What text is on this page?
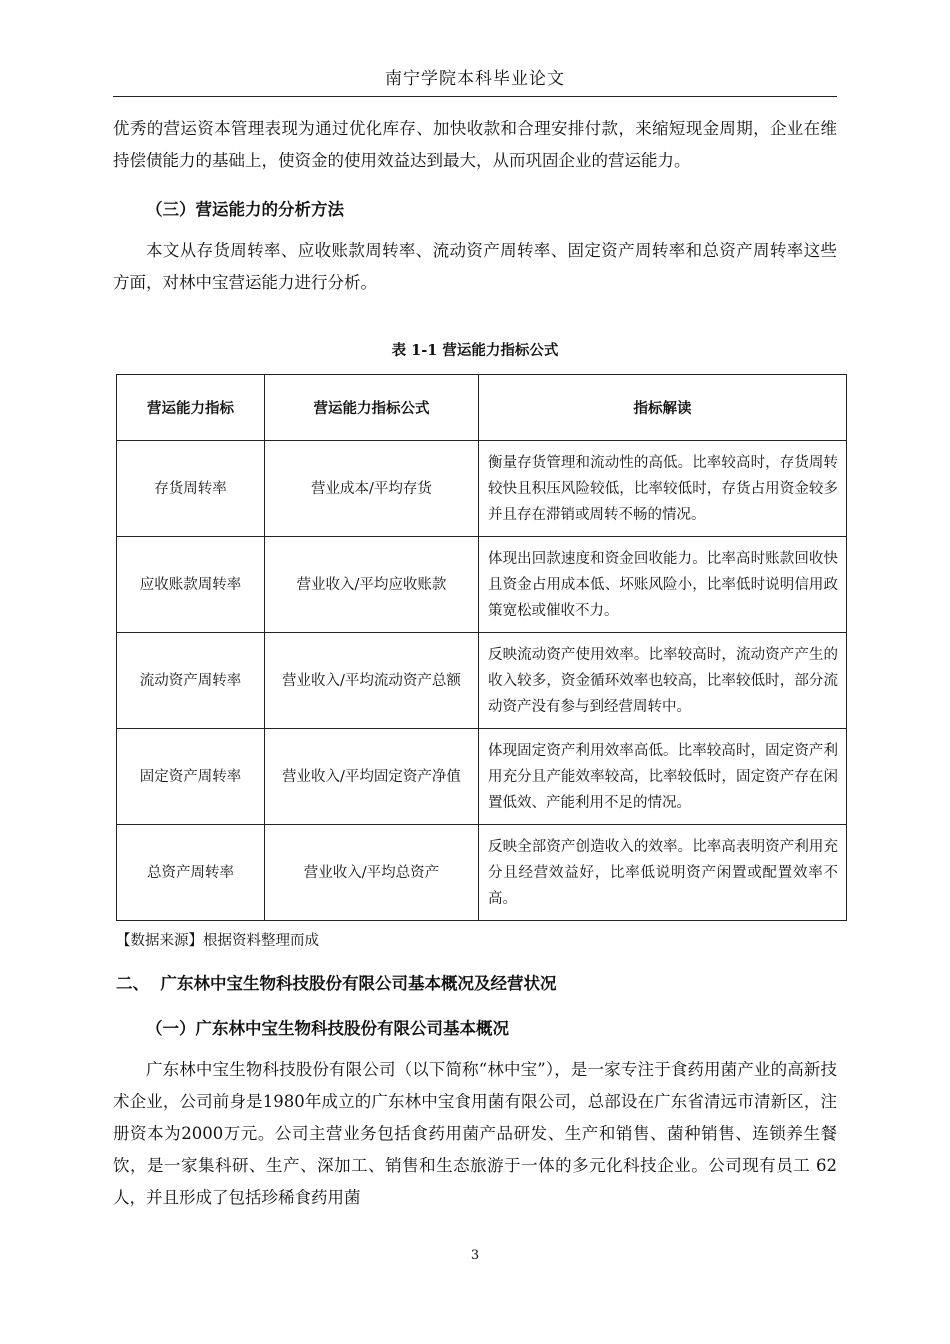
南宁学院本科毕业论文
优秀的营运资本管理表现为通过优化库存、加快收款和合理安排付款，来缩短现金周期，企业在维持偿债能力的基础上，使资金的使用效益达到最大，从而巩固企业的营运能力。
（三）营运能力的分析方法
本文从存货周转率、应收账款周转率、流动资产周转率、固定资产周转率和总资产周转率这些方面，对林中宝营运能力进行分析。
表 1-1 营运能力指标公式
营运能力指标	营运能力指标公式	指标解读
存货周转率	营业成本/平均存货	衡量存货管理和流动性的高低。比率较高时，存货周转较快且积压风险较低，比率较低时，存货占用资金较多并且存在滞销或周转不畅的情况。
应收账款周转率	营业收入/平均应收账款	体现出回款速度和资金回收能力。比率高时账款回收快且资金占用成本低、坏账风险小，比率低时说明信用政策宽松或催收不力。
流动资产周转率	营业收入/平均流动资产总额	反映流动资产使用效率。比率较高时，流动资产产生的收入较多，资金循环效率也较高，比率较低时，部分流动资产没有参与到经营周转中。
固定资产周转率	营业收入/平均固定资产净值	体现固定资产利用效率高低。比率较高时，固定资产利用充分且产能效率较高，比率较低时，固定资产存在闲置低效、产能利用不足的情况。
总资产周转率	营业收入/平均总资产	反映全部资产创造收入的效率。比率高表明资产利用充分且经营效益好，比率低说明资产闲置或配置效率不高。
【数据来源】根据资料整理而成
二、  广东林中宝生物科技股份有限公司基本概况及经营状况
（一）广东林中宝生物科技股份有限公司基本概况
广东林中宝生物科技股份有限公司（以下简称“林中宝”），是一家专注于食药用菌产业的高新技术企业，公司前身是1980年成立的广东林中宝食用菌有限公司，总部设在广东省清远市清新区，注册资本为2000万元。公司主营业务包括食药用菌产品研发、生产和销售、菌种销售、连锁养生餐饮，是一家集科研、生产、深加工、销售和生态旅游于一体的多元化科技企业。公司现有员工 62 人，并且形成了包括珍稀食药用菌
3
